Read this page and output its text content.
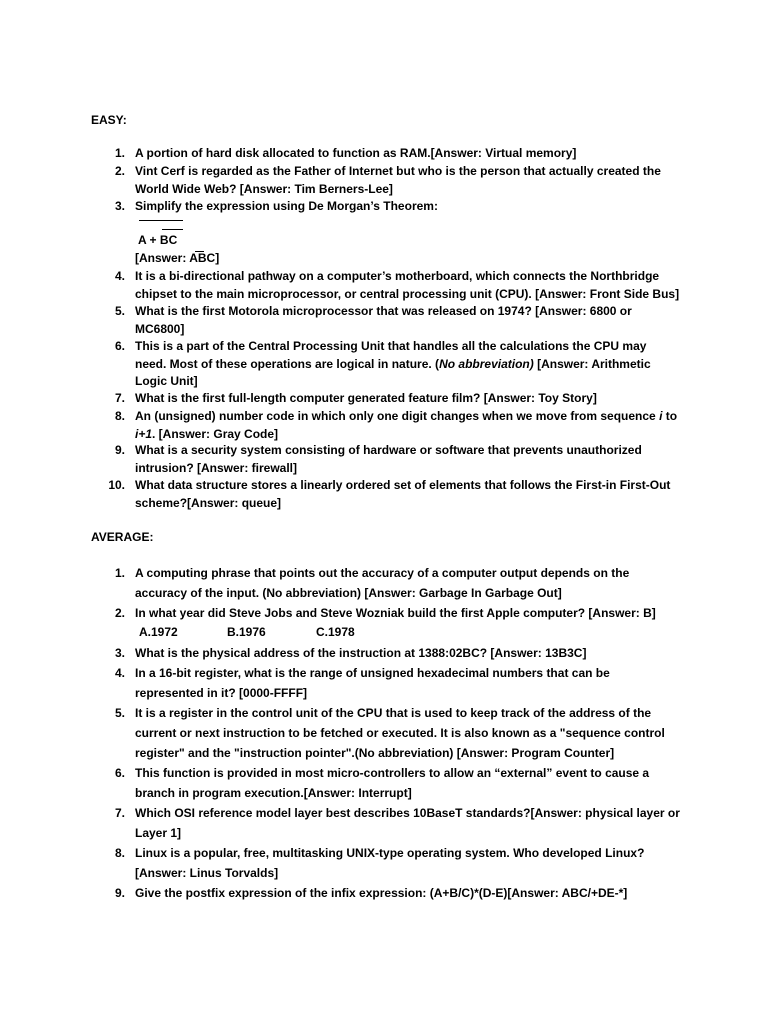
EASY:
1. A portion of hard disk allocated to function as RAM.[Answer: Virtual memory]
2. Vint Cerf is regarded as the Father of Internet but who is the person that actually created the
World Wide Web? [Answer: Tim Berners-Lee]
3. Simplify the expression using De Morgan’s Theorem:
A + BC
[Answer: ABC]
4. It is a bi-directional pathway on a computer’s motherboard, which connects the Northbridge
chipset to the main microprocessor, or central processing unit (CPU). [Answer: Front Side Bus]
5. What is the first Motorola microprocessor that was released on 1974? [Answer: 6800 or
MC6800]
6. This is a part of the Central Processing Unit that handles all the calculations the CPU may
need. Most of these operations are logical in nature. (No abbreviation) [Answer: Arithmetic
Logic Unit]
7. What is the first full-length computer generated feature film? [Answer: Toy Story]
8. An (unsigned) number code in which only one digit changes when we move from sequence i to
i+1. [Answer: Gray Code]
9. What is a security system consisting of hardware or software that prevents unauthorized
intrusion? [Answer: firewall]
10. What data structure stores a linearly ordered set of elements that follows the First-in First-Out
scheme?[Answer: queue]
AVERAGE:
1. A computing phrase that points out the accuracy of a computer output depends on the
accuracy of the input. (No abbreviation) [Answer: Garbage In Garbage Out]
2. In what year did Steve Jobs and Steve Wozniak build the first Apple computer? [Answer: B]
A.1972	B.1976	C.1978
3. What is the physical address of the instruction at 1388:02BC? [Answer: 13B3C]
4. In a 16-bit register, what is the range of unsigned hexadecimal numbers that can be
represented in it? [0000-FFFF]
5. It is a register in the control unit of the CPU that is used to keep track of the address of the
current or next instruction to be fetched or executed. It is also known as a "sequence control
register" and the "instruction pointer".(No abbreviation) [Answer: Program Counter]
6. This function is provided in most micro-controllers to allow an “external” event to cause a
branch in program execution.[Answer: Interrupt]
7. Which OSI reference model layer best describes 10BaseT standards?[Answer: physical layer or
Layer 1]
8. Linux is a popular, free, multitasking UNIX-type operating system. Who developed Linux?
[Answer: Linus Torvalds]
9. Give the postfix expression of the infix expression: (A+B/C)*(D-E)[Answer: ABC/+DE-*]
